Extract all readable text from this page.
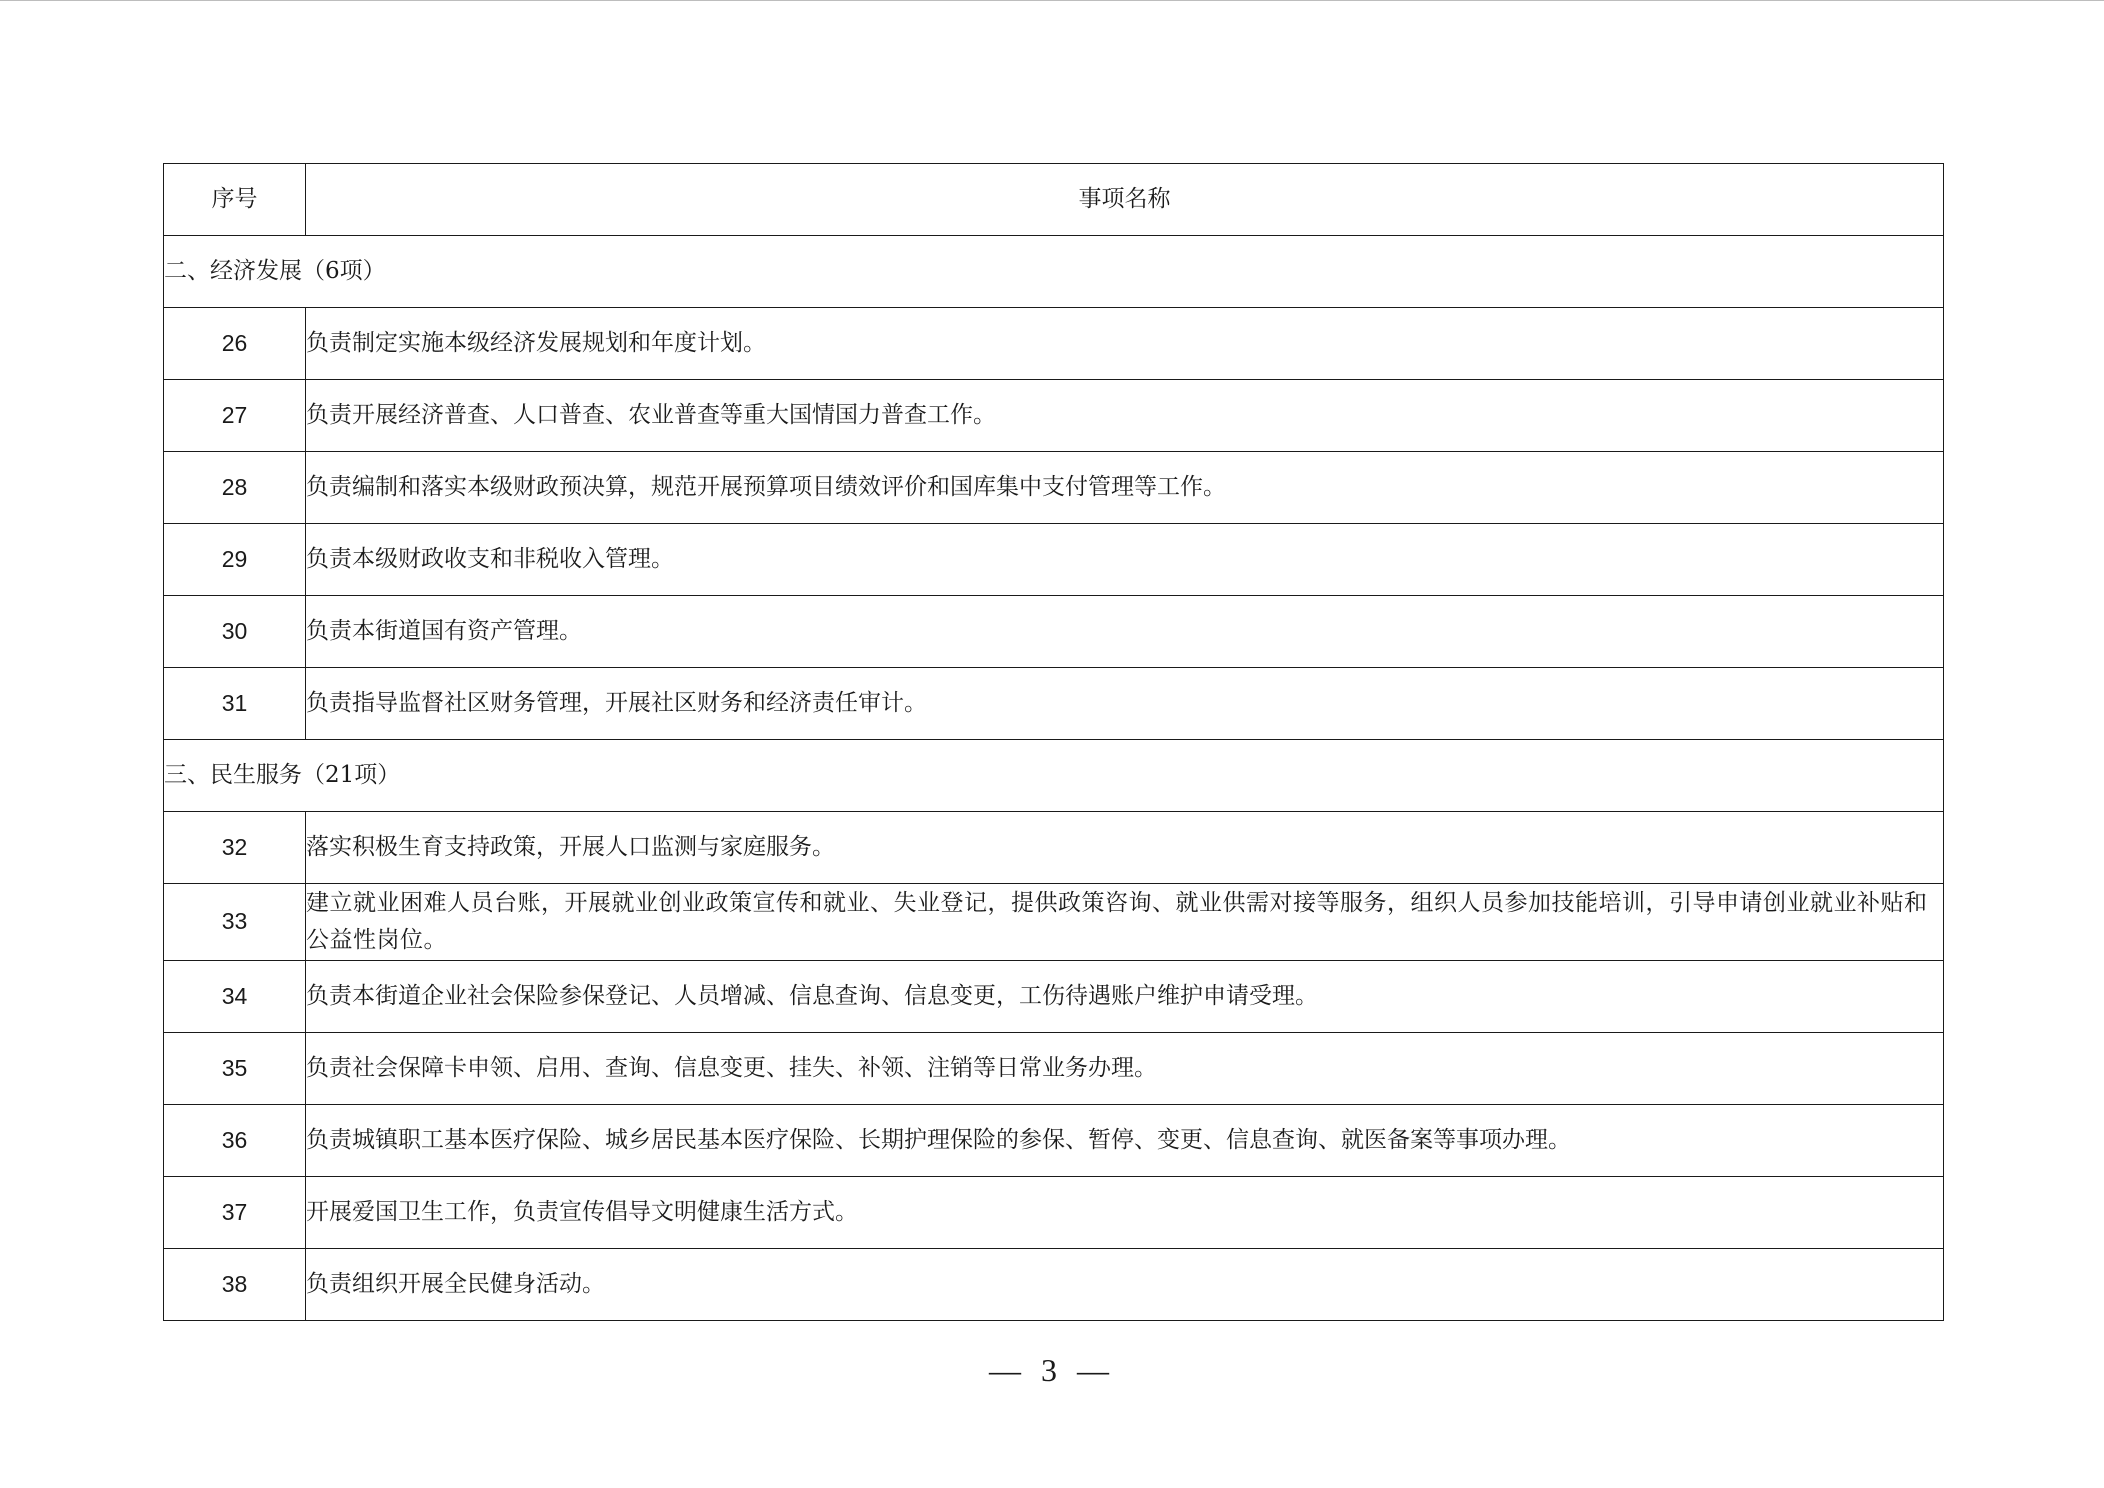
序号	事项名称
二、经济发展（6项）	
26	负责制定实施本级经济发展规划和年度计划。
27	负责开展经济普查、人口普查、农业普查等重大国情国力普查工作。
28	负责编制和落实本级财政预决算，规范开展预算项目绩效评价和国库集中支付管理等工作。
29	负责本级财政收支和非税收入管理。
30	负责本街道国有资产管理。
31	负责指导监督社区财务管理，开展社区财务和经济责任审计。
三、民生服务（21项）	
32	落实积极生育支持政策，开展人口监测与家庭服务。
33	建立就业困难人员台账，开展就业创业政策宣传和就业、失业登记，提供政策咨询、就业供需对接等服务，组织人员参加技能培训，引导申请创业就业补贴和公益性岗位。
34	负责本街道企业社会保险参保登记、人员增减、信息查询、信息变更，工伤待遇账户维护申请受理。
35	负责社会保障卡申领、启用、查询、信息变更、挂失、补领、注销等日常业务办理。
36	负责城镇职工基本医疗保险、城乡居民基本医疗保险、长期护理保险的参保、暂停、变更、信息查询、就医备案等事项办理。
37	开展爱国卫生工作，负责宣传倡导文明健康生活方式。
38	负责组织开展全民健身活动。
— 3 —
